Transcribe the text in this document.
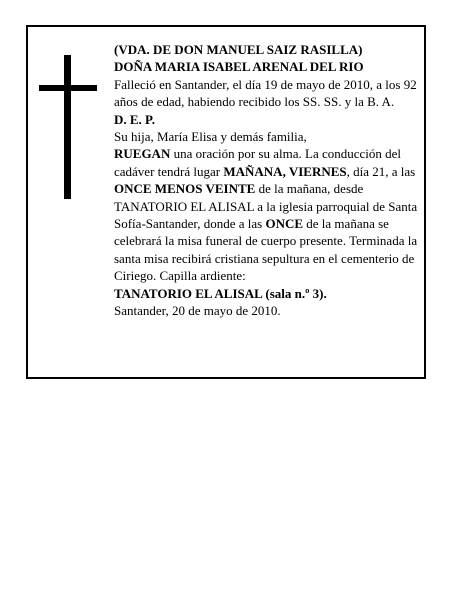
(VDA. DE DON MANUEL SAIZ RASILLA)

DOÑA MARIA ISABEL ARENAL DEL RIO

Falleció en Santander, el día 19 de mayo de 2010, a los 92 años de edad, habiendo recibido los SS. SS. y la B. A.

D. E. P.

Su hija, María Elisa y demás familia,

RUEGAN una oración por su alma. La conducción del cadáver tendrá lugar MAÑANA, VIERNES, día 21, a las ONCE MENOS VEINTE de la mañana, desde TANATORIO EL ALISAL a la iglesia parroquial de Santa Sofía-Santander, donde a las ONCE de la mañana se celebrará la misa funeral de cuerpo presente. Terminada la santa misa recibirá cristiana sepultura en el cementerio de Ciriego. Capilla ardiente:

TANATORIO EL ALISAL (sala n.º 3).

Santander, 20 de mayo de 2010.
